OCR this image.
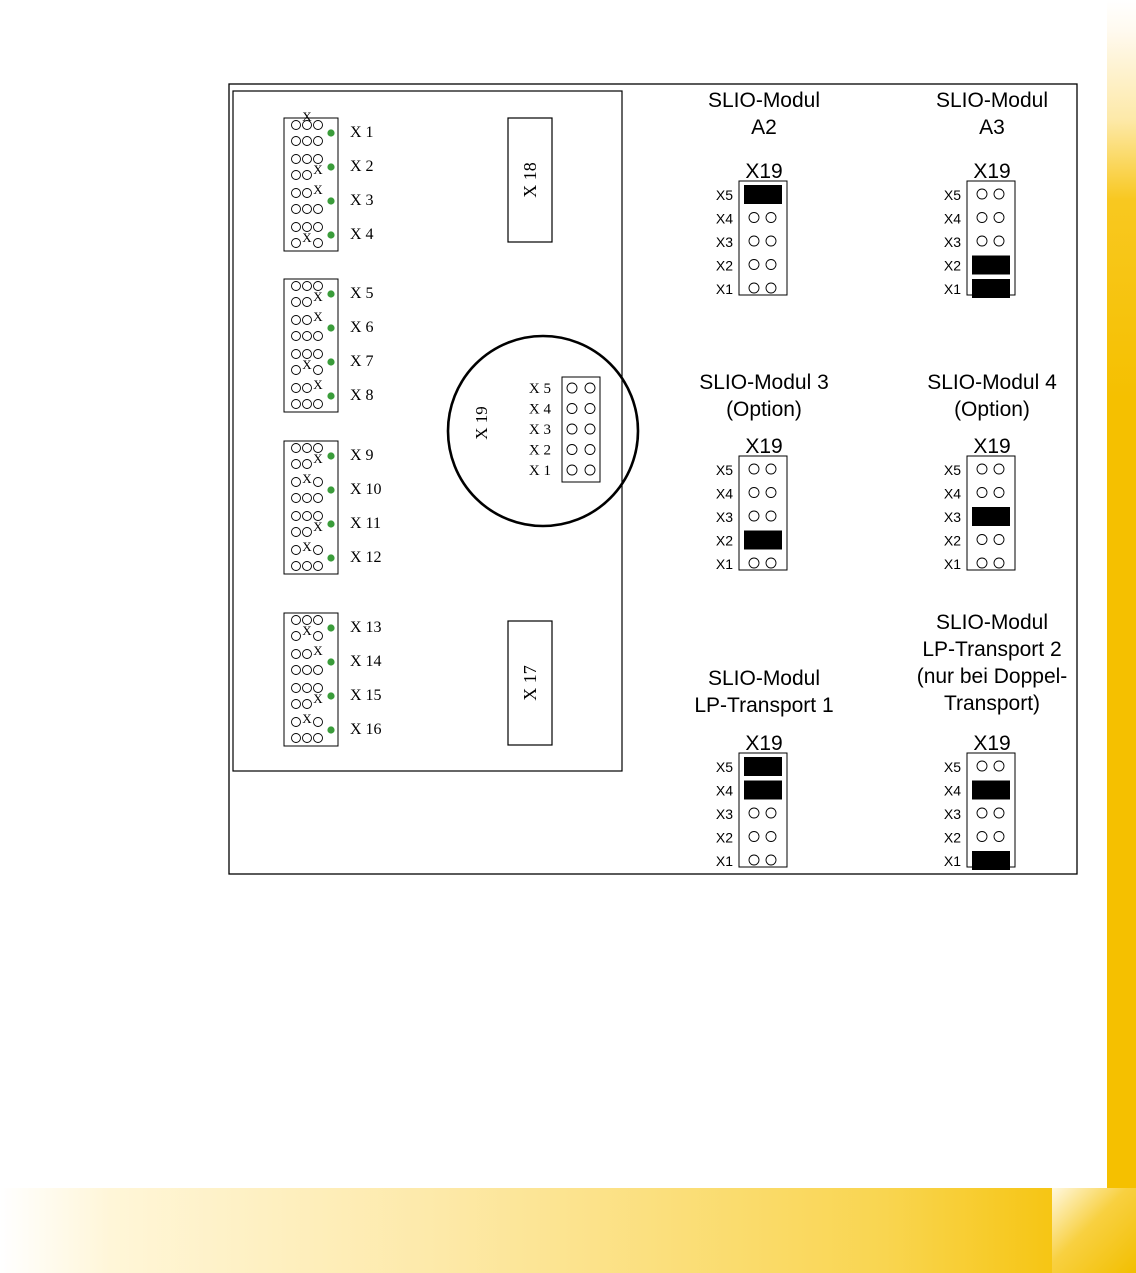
X
X 1
X X 2
X
X 3
X X 4
X X 5
X
X 6
X X 7
X
X 8
X X 9
X
X 10
X X 11
X
X 12
X X 13
X
X 14
X X 15
X
X 16
X 18
X 17
X 19
X 5
X 4
X 3
X 2
X 1
SLIO-Modul
A2
X19
X5
X4
X3
X2
X1
SLIO-Modul
A3
X19
X5
X4
X3
X2
X1
SLIO-Modul 3
(Option)
X19
X5
X4
X3
X2
X1
SLIO-Modul 4
(Option)
X19
X5
X4
X3
X2
X1
SLIO-Modul
LP-Transport 1
X19
X5
X4
X3
X2
X1
SLIO-Modul
LP-Transport 2
(nur bei Doppel-
Transport)
X19
X5
X4
X3
X2
X1
